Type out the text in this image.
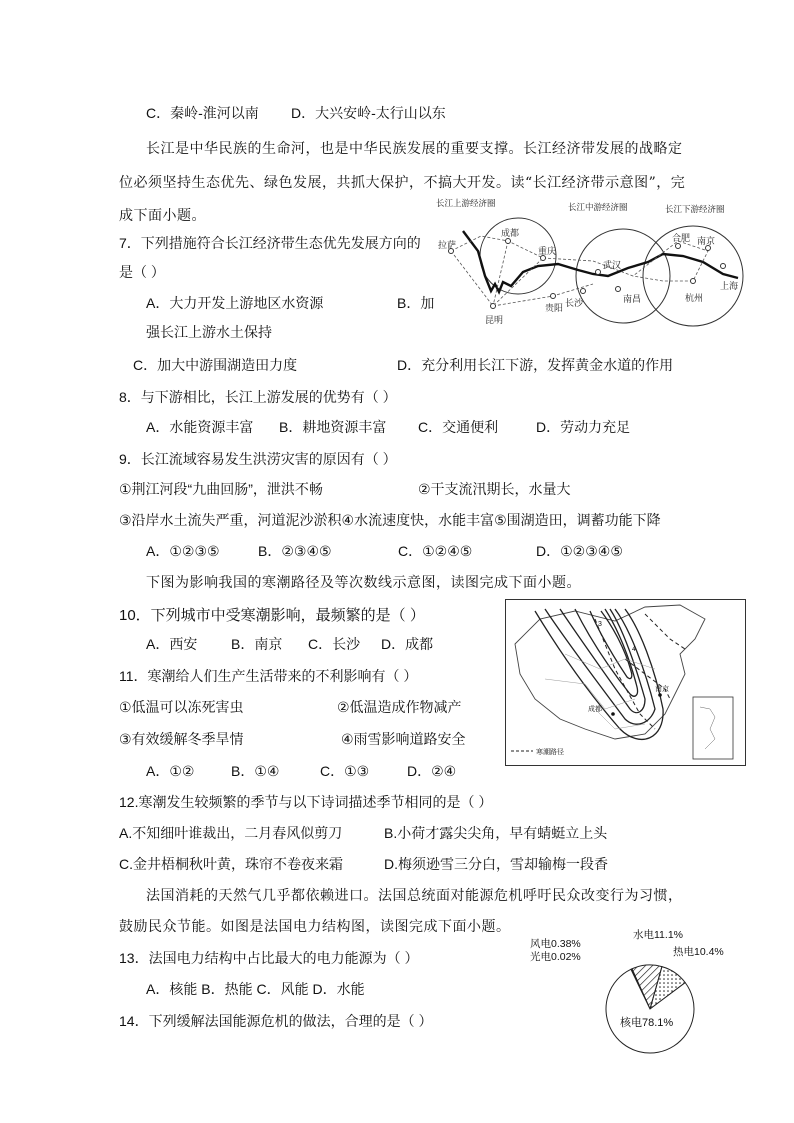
C．秦岭-淮河以南 D．大兴安岭-太行山以东
长江是中华民族的生命河，也是中华民族发展的重要支撑。长江经济带发展的战略定
位必须坚持生态优先、绿色发展，共抓大保护，不搞大开发。读“长江经济带示意图”，完
成下面小题。
7．下列措施符合长江经济带生态优先发展方向的
是（ ）
A．大力开发上游地区水资源	B．加
强长江上游水土保持
C．加大中游围湖造田力度	D．充分利用长江下游，发挥黄金水道的作用
8．与下游相比，长江上游发展的优势有（ ）
A．水能资源丰富 B．耕地资源丰富 C．交通便利	D．劳动力充足
9．长江流域容易发生洪涝灾害的原因有（ ）
①荆江河段“九曲回肠”，泄洪不畅	②干支流汛期长，水量大
③沿岸水土流失严重，河道泥沙淤积④水流速度快，水能丰富⑤围湖造田，调蓄功能下降
A．①②③⑤	B．②③④⑤	C．①②④⑤	D．①②③④⑤
下图为影响我国的寒潮路径及等次数线示意图，读图完成下面小题。
10．下列城市中受寒潮影响，最频繁的是（ ）
A．西安 B．南京 C．长沙 D．成都
11．寒潮给人们生产生活带来的不利影响有（ ）
①低温可以冻死害虫	②低温造成作物减产
③有效缓解冬季旱情	④雨雪影响道路安全
A．①②	B．①④	C．①③	D．②④
12.寒潮发生较频繁的季节与以下诗词描述季节相同的是（ ）
A.不知细叶谁裁出，二月春风似剪刀	B.小荷才露尖尖角，早有蜻蜓立上头
C.金井梧桐秋叶黄，珠帘不卷夜来霜	D.梅须逊雪三分白，雪却输梅一段香
法国消耗的天然气几乎都依赖进口。法国总统面对能源危机呼吁民众改变行为习惯，
鼓励民众节能。如图是法国电力结构图，读图完成下面小题。
13．法国电力结构中占比最大的电力能源为（ ）
A．核能 B．热能 C．风能 D．水能
14．下列缓解法国能源危机的做法，合理的是（ ）
长江上游经济圈	长江中游经济圈	长江下游经济圈
拉萨
成都
重庆
昆明
贵阳
武汉
长沙	南昌
合肥 南京
杭州
上海
成都
南京
3
4
寒潮路径
风电0.38%
光电0.02%
水电11.1%
热电10.4%
核电78.1%
